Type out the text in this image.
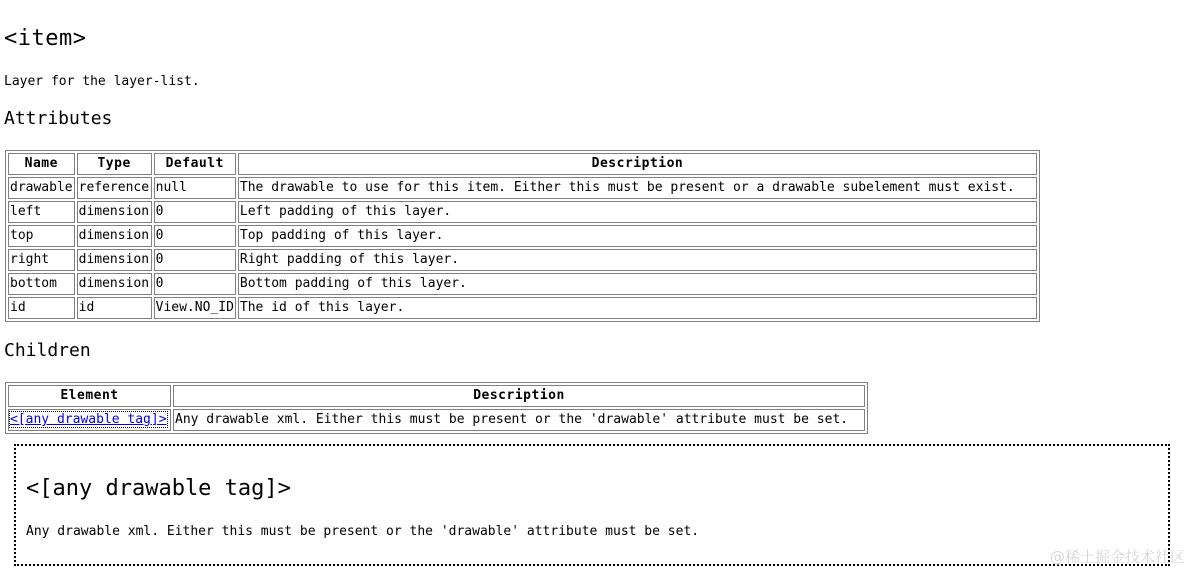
<item>
Layer for the layer-list.
Attributes
Name	Type	Default	Description
drawable	reference	null	The drawable to use for this item. Either this must be present or a drawable subelement must exist.
left	dimension	0	Left padding of this layer.
top	dimension	0	Top padding of this layer.
right	dimension	0	Right padding of this layer.
bottom	dimension	0	Bottom padding of this layer.
id	id	View.NO_ID	The id of this layer.
Children
Element	Description
<[any drawable tag]>	Any drawable xml. Either this must be present or the 'drawable' attribute must be set.
<[any drawable tag]>
Any drawable xml. Either this must be present or the 'drawable' attribute must be set.
@稀土掘金技术社区
